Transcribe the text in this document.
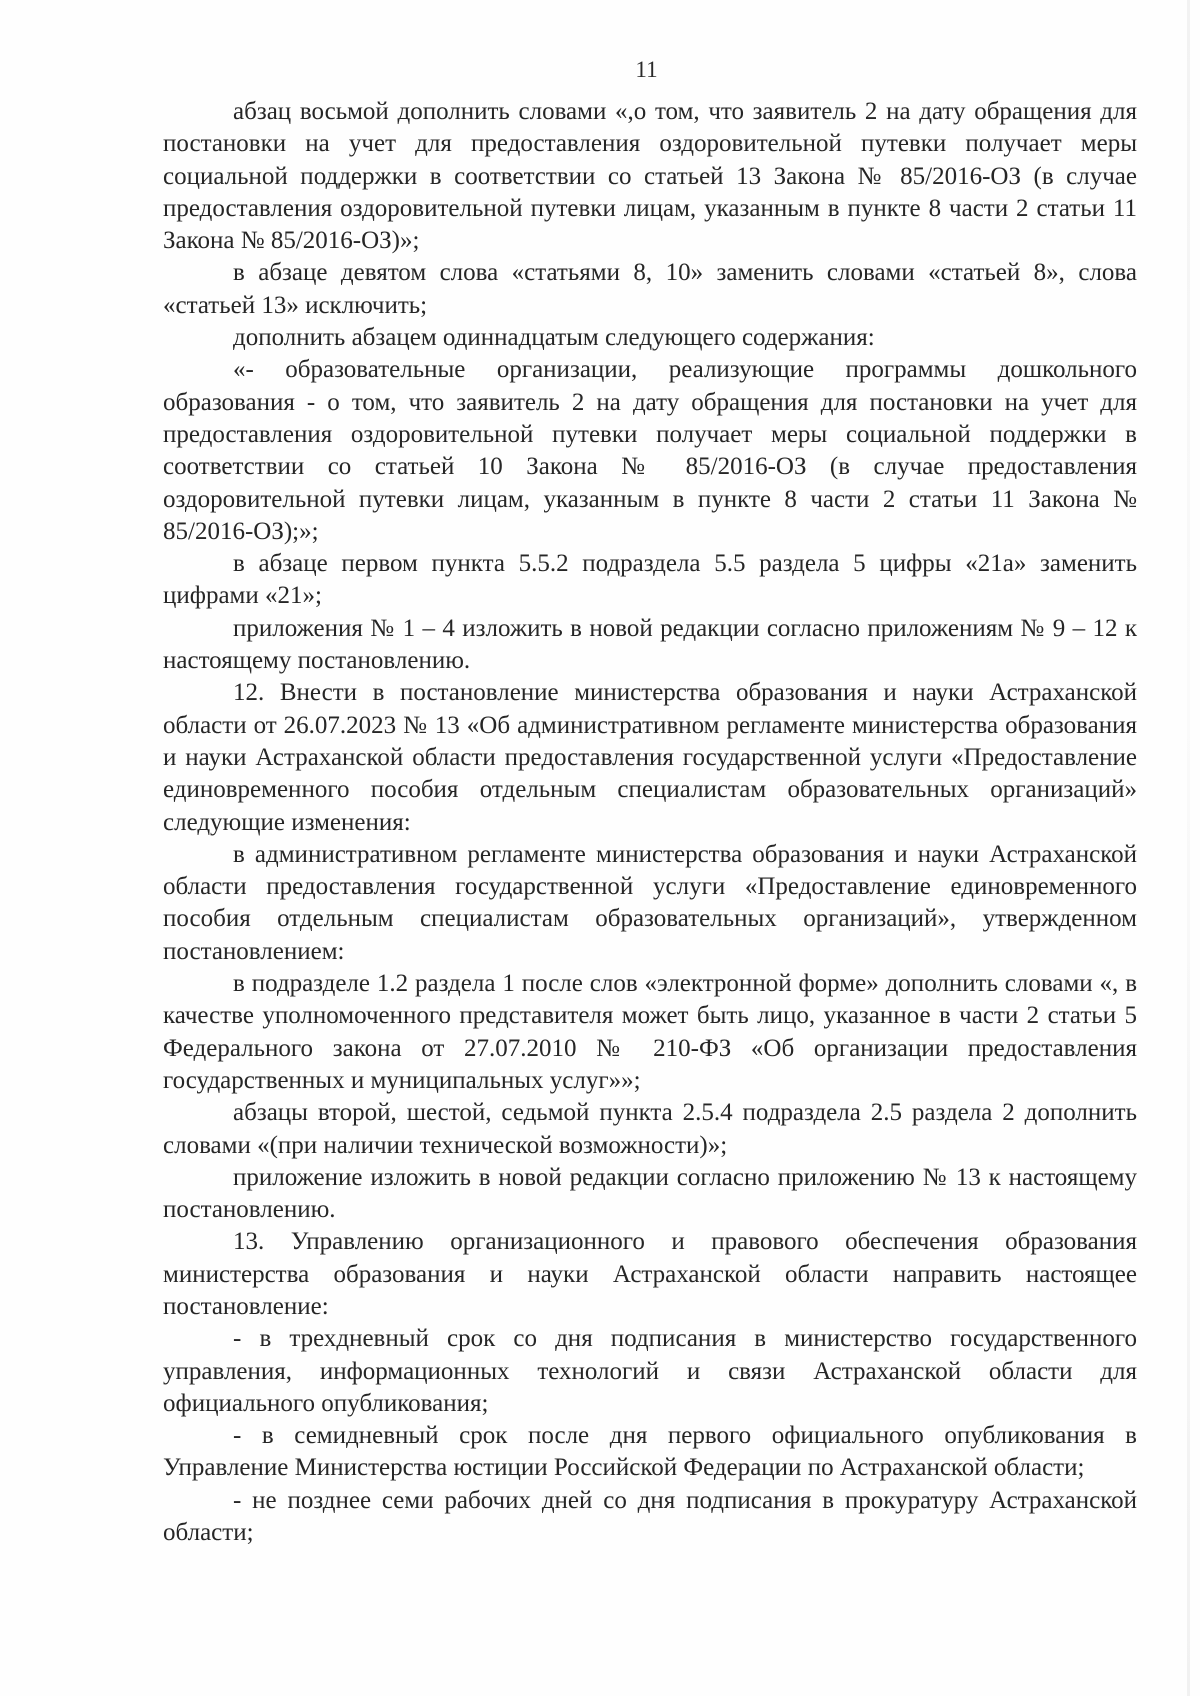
11

абзац восьмой дополнить словами «,о том, что заявитель 2 на дату обращения для постановки на учет для предоставления оздоровительной путевки получает меры социальной поддержки в соответствии со статьей 13 Закона № 85/2016-ОЗ (в случае предоставления оздоровительной путевки лицам, указанным в пункте 8 части 2 статьи 11 Закона № 85/2016-ОЗ)»;

в абзаце девятом слова «статьями 8, 10» заменить словами «статьей 8», слова «статьей 13» исключить;

дополнить абзацем одиннадцатым следующего содержания:

«- образовательные организации, реализующие программы дошкольного образования - о том, что заявитель 2 на дату обращения для постановки на учет для предоставления оздоровительной путевки получает меры социальной поддержки в соответствии со статьей 10 Закона № 85/2016-ОЗ (в случае предоставления оздоровительной путевки лицам, указанным в пункте 8 части 2 статьи 11 Закона № 85/2016-ОЗ);»;

в абзаце первом пункта 5.5.2 подраздела 5.5 раздела 5 цифры «21а» заменить цифрами «21»;

приложения № 1 – 4 изложить в новой редакции согласно приложениям № 9 – 12 к настоящему постановлению.

12. Внести в постановление министерства образования и науки Астраханской области от 26.07.2023 № 13 «Об административном регламенте министерства образования и науки Астраханской области предоставления государственной услуги «Предоставление единовременного пособия отдельным специалистам образовательных организаций» следующие изменения:

в административном регламенте министерства образования и науки Астраханской области предоставления государственной услуги «Предоставление единовременного пособия отдельным специалистам образовательных организаций», утвержденном постановлением:

в подразделе 1.2 раздела 1 после слов «электронной форме» дополнить словами «, в качестве уполномоченного представителя может быть лицо, указанное в части 2 статьи 5 Федерального закона от 27.07.2010 № 210-ФЗ «Об организации предоставления государственных и муниципальных услуг»»;

абзацы второй, шестой, седьмой пункта 2.5.4 подраздела 2.5 раздела 2 дополнить словами «(при наличии технической возможности)»;

приложение изложить в новой редакции согласно приложению № 13 к настоящему постановлению.

13. Управлению организационного и правового обеспечения образования министерства образования и науки Астраханской области направить настоящее постановление:

- в трехдневный срок со дня подписания в министерство государственного управления, информационных технологий и связи Астраханской области для официального опубликования;

- в семидневный срок после дня первого официального опубликования в Управление Министерства юстиции Российской Федерации по Астраханской области;

- не позднее семи рабочих дней со дня подписания в прокуратуру Астраханской области;
